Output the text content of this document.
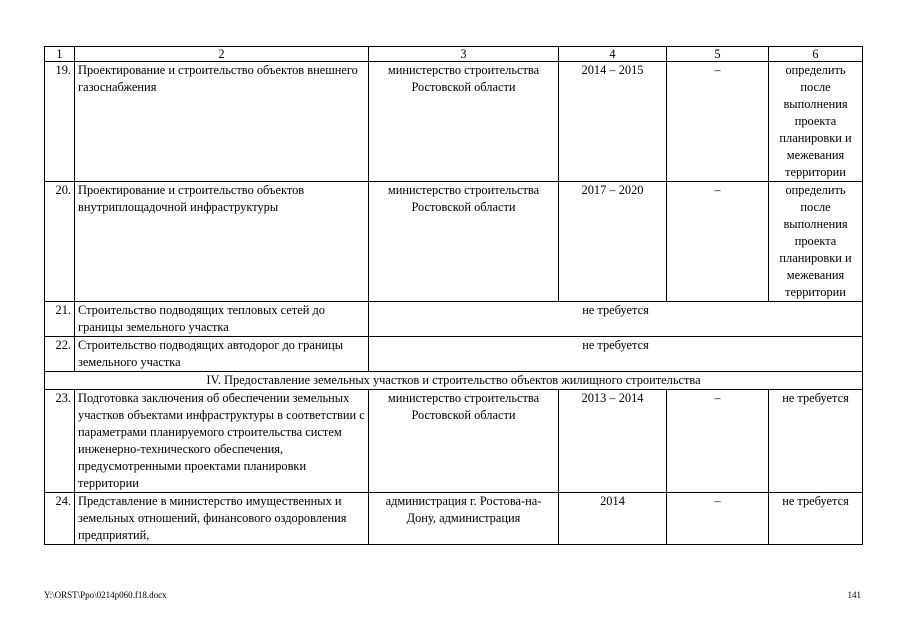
1	2	3	4	5	6
19.	Проектирование и строительство объектов внешнего газоснабжения	министерство строительства Ростовской области	2014 – 2015	–	определить после выполнения проекта планировки и межевания территории
20.	Проектирование и строительство объектов внутриплощадочной инфраструктуры	министерство строительства Ростовской области	2017 – 2020	–	определить после выполнения проекта планировки и межевания территории
21.	Строительство подводящих тепловых сетей до границы земельного участка	не требуется			
22.	Строительство подводящих автодорог до границы земельного участка	не требуется			
IV. Предоставление земельных участков и строительство объектов жилищного строительства					
23.	Подготовка заключения об обеспечении земельных участков объектами инфраструктуры в соответствии с параметрами планируемого строительства систем инженерно-технического обеспечения, предусмотренными проектами планировки территории	министерство строительства Ростовской области	2013 – 2014	–	не требуется
24.	Представление в министерство имущественных и земельных отношений, финансового оздоровления предприятий,	администрация г. Ростова-на-Дону, администрация	2014	–	не требуется
Y:\ORST\Ppo\0214p060.f18.docx	141
